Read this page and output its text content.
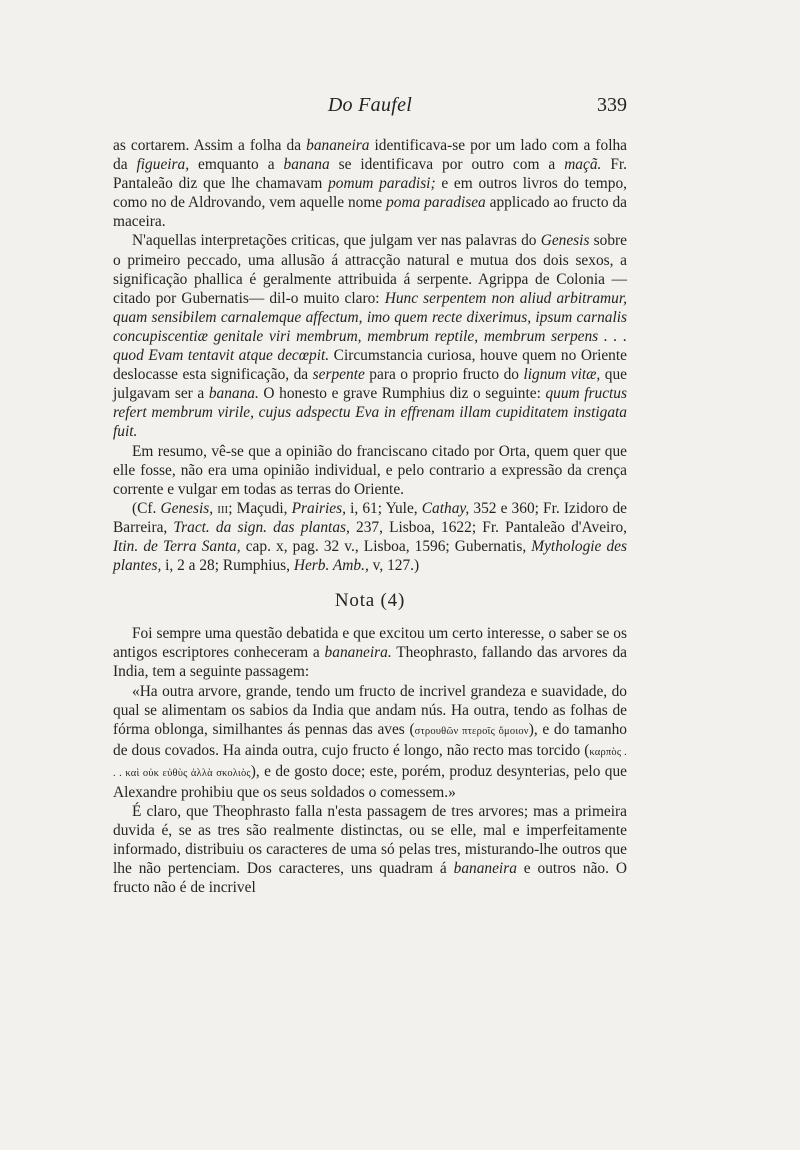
Do Faufel	339

as cortarem. Assim a folha da bananeira identificava-se por um lado com a folha da figueira, emquanto a banana se identificava por outro com a maçã. Fr. Pantaleão diz que lhe chamavam pomum paradisi; e em outros livros do tempo, como no de Aldrovando, vem aquelle nome poma paradisea applicado ao fructo da maceira.

N'aquellas interpretações criticas, que julgam ver nas palavras do Genesis sobre o primeiro peccado, uma allusão á attracção natural e mutua dos dois sexos, a significação phallica é geralmente attribuida á serpente. Agrippa de Colonia —citado por Gubernatis— dil-o muito claro: Hunc serpentem non aliud arbitramur, quam sensibilem carnalemque affectum, imo quem recte dixerimus, ipsum carnalis concupiscentiæ genitale viri membrum, membrum reptile, membrum serpens . . . quod Evam tentavit atque decœpit. Circumstancia curiosa, houve quem no Oriente deslocasse esta significação, da serpente para o proprio fructo do lignum vitæ, que julgavam ser a banana. O honesto e grave Rumphius diz o seguinte: quum fructus refert membrum virile, cujus adspectu Eva in effrenam illam cupiditatem instigata fuit.

Em resumo, vê-se que a opinião do franciscano citado por Orta, quem quer que elle fosse, não era uma opinião individual, e pelo contrario a expressão da crença corrente e vulgar em todas as terras do Oriente.

(Cf. Genesis, iii; Maçudi, Prairies, i, 61; Yule, Cathay, 352 e 360; Fr. Izidoro de Barreira, Tract. da sign. das plantas, 237, Lisboa, 1622; Fr. Pantaleão d'Aveiro, Itin. de Terra Santa, cap. x, pag. 32 v., Lisboa, 1596; Gubernatis, Mythologie des plantes, i, 2 a 28; Rumphius, Herb. Amb., v, 127.)

Nota (4)

Foi sempre uma questão debatida e que excitou um certo interesse, o saber se os antigos escriptores conheceram a bananeira. Theophrasto, fallando das arvores da India, tem a seguinte passagem:

«Ha outra arvore, grande, tendo um fructo de incrivel grandeza e suavidade, do qual se alimentam os sabios da India que andam nús. Ha outra, tendo as folhas de fórma oblonga, similhantes ás pennas das aves (στρουθῶν πτεροῖς ὅμοιον), e do tamanho de dous covados. Ha ainda outra, cujo fructo é longo, não recto mas torcido (καρπὸς . . . καὶ οὐκ εὐθὺς ἀλλὰ σκολιὸς), e de gosto doce; este, porém, produz desynterias, pelo que Alexandre prohibiu que os seus soldados o comessem.»

É claro, que Theophrasto falla n'esta passagem de tres arvores; mas a primeira duvida é, se as tres são realmente distinctas, ou se elle, mal e imperfeitamente informado, distribuiu os caracteres de uma só pelas tres, misturando-lhe outros que lhe não pertenciam. Dos caracteres, uns quadram á bananeira e outros não. O fructo não é de incrivel
